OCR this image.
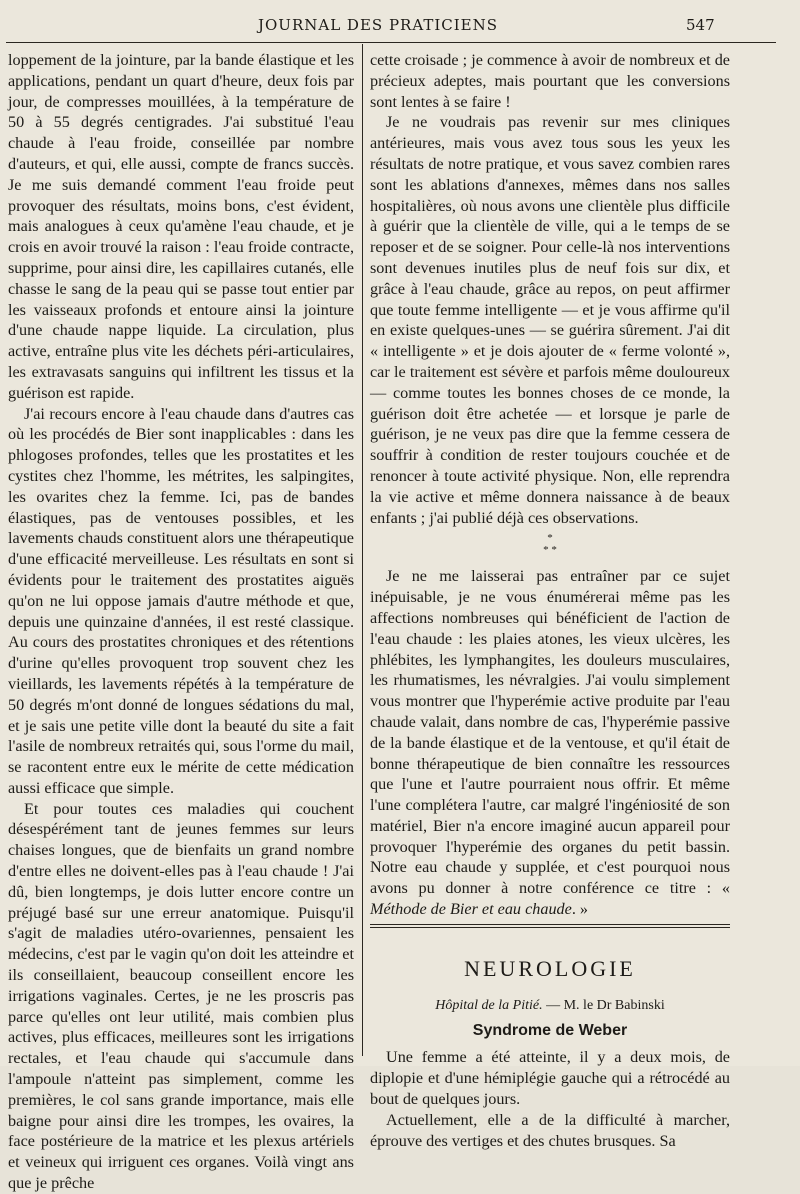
JOURNAL DES PRATICIENS	547

loppement de la jointure, par la bande élastique et les applications, pendant un quart d'heure, deux fois par jour, de compresses mouillées, à la température de 50 à 55 degrés centigrades. J'ai substitué l'eau chaude à l'eau froide, conseillée par nombre d'auteurs, et qui, elle aussi, compte de francs succès. Je me suis demandé comment l'eau froide peut provoquer des résultats, moins bons, c'est évident, mais analogues à ceux qu'amène l'eau chaude, et je crois en avoir trouvé la raison : l'eau froide contracte, supprime, pour ainsi dire, les capillaires cutanés, elle chasse le sang de la peau qui se passe tout entier par les vaisseaux profonds et entoure ainsi la jointure d'une chaude nappe liquide. La circulation, plus active, entraîne plus vite les déchets péri-articulaires, les extravasats sanguins qui infiltrent les tissus et la guérison est rapide.

J'ai recours encore à l'eau chaude dans d'autres cas où les procédés de Bier sont inapplicables : dans les phlogoses profondes, telles que les prostatites et les cystites chez l'homme, les métrites, les salpingites, les ovarites chez la femme. Ici, pas de bandes élastiques, pas de ventouses possibles, et les lavements chauds constituent alors une thérapeutique d'une efficacité merveilleuse. Les résultats en sont si évidents pour le traitement des prostatites aiguës qu'on ne lui oppose jamais d'autre méthode et que, depuis une quinzaine d'années, il est resté classique. Au cours des prostatites chroniques et des rétentions d'urine qu'elles provoquent trop souvent chez les vieillards, les lavements répétés à la température de 50 degrés m'ont donné de longues sédations du mal, et je sais une petite ville dont la beauté du site a fait l'asile de nombreux retraités qui, sous l'orme du mail, se racontent entre eux le mérite de cette médication aussi efficace que simple.

Et pour toutes ces maladies qui couchent désespérément tant de jeunes femmes sur leurs chaises longues, que de bienfaits un grand nombre d'entre elles ne doivent-elles pas à l'eau chaude ! J'ai dû, bien longtemps, je dois lutter encore contre un préjugé basé sur une erreur anatomique. Puisqu'il s'agit de maladies utéro-ovariennes, pensaient les médecins, c'est par le vagin qu'on doit les atteindre et ils conseillaient, beaucoup conseillent encore les irrigations vaginales. Certes, je ne les proscris pas parce qu'elles ont leur utilité, mais combien plus actives, plus efficaces, meilleures sont les irrigations rectales, et l'eau chaude qui s'accumule dans l'ampoule n'atteint pas simplement, comme les premières, le col sans grande importance, mais elle baigne pour ainsi dire les trompes, les ovaires, la face postérieure de la matrice et les plexus artériels et veineux qui irriguent ces organes. Voilà vingt ans que je prêche

cette croisade ; je commence à avoir de nombreux et de précieux adeptes, mais pourtant que les conversions sont lentes à se faire !

Je ne voudrais pas revenir sur mes cliniques antérieures, mais vous avez tous sous les yeux les résultats de notre pratique, et vous savez combien rares sont les ablations d'annexes, mêmes dans nos salles hospitalières, où nous avons une clientèle plus difficile à guérir que la clientèle de ville, qui a le temps de se reposer et de se soigner. Pour celle-là nos interventions sont devenues inutiles plus de neuf fois sur dix, et grâce à l'eau chaude, grâce au repos, on peut affirmer que toute femme intelligente — et je vous affirme qu'il en existe quelques-unes — se guérira sûrement. J'ai dit « intelligente » et je dois ajouter de « ferme volonté », car le traitement est sévère et parfois même douloureux — comme toutes les bonnes choses de ce monde, la guérison doit être achetée — et lorsque je parle de guérison, je ne veux pas dire que la femme cessera de souffrir à condition de rester toujours couchée et de renoncer à toute activité physique. Non, elle reprendra la vie active et même donnera naissance à de beaux enfants ; j'ai publié déjà ces observations.

*
* *

Je ne me laisserai pas entraîner par ce sujet inépuisable, je ne vous énumérerai même pas les affections nombreuses qui bénéficient de l'action de l'eau chaude : les plaies atones, les vieux ulcères, les phlébites, les lymphangites, les douleurs musculaires, les rhumatismes, les névralgies. J'ai voulu simplement vous montrer que l'hyperémie active produite par l'eau chaude valait, dans nombre de cas, l'hyperémie passive de la bande élastique et de la ventouse, et qu'il était de bonne thérapeutique de bien connaître les ressources que l'une et l'autre pourraient nous offrir. Et même l'une complétera l'autre, car malgré l'ingéniosité de son matériel, Bier n'a encore imaginé aucun appareil pour provoquer l'hyperémie des organes du petit bassin. Notre eau chaude y supplée, et c'est pourquoi nous avons pu donner à notre conférence ce titre : « Méthode de Bier et eau chaude. »

NEUROLOGIE
Hôpital de la Pitié. — M. le Dr Babinski
Syndrome de Weber

Une femme a été atteinte, il y a deux mois, de diplopie et d'une hémiplégie gauche qui a rétrocédé au bout de quelques jours.

Actuellement, elle a de la difficulté à marcher, éprouve des vertiges et des chutes brusques. Sa
